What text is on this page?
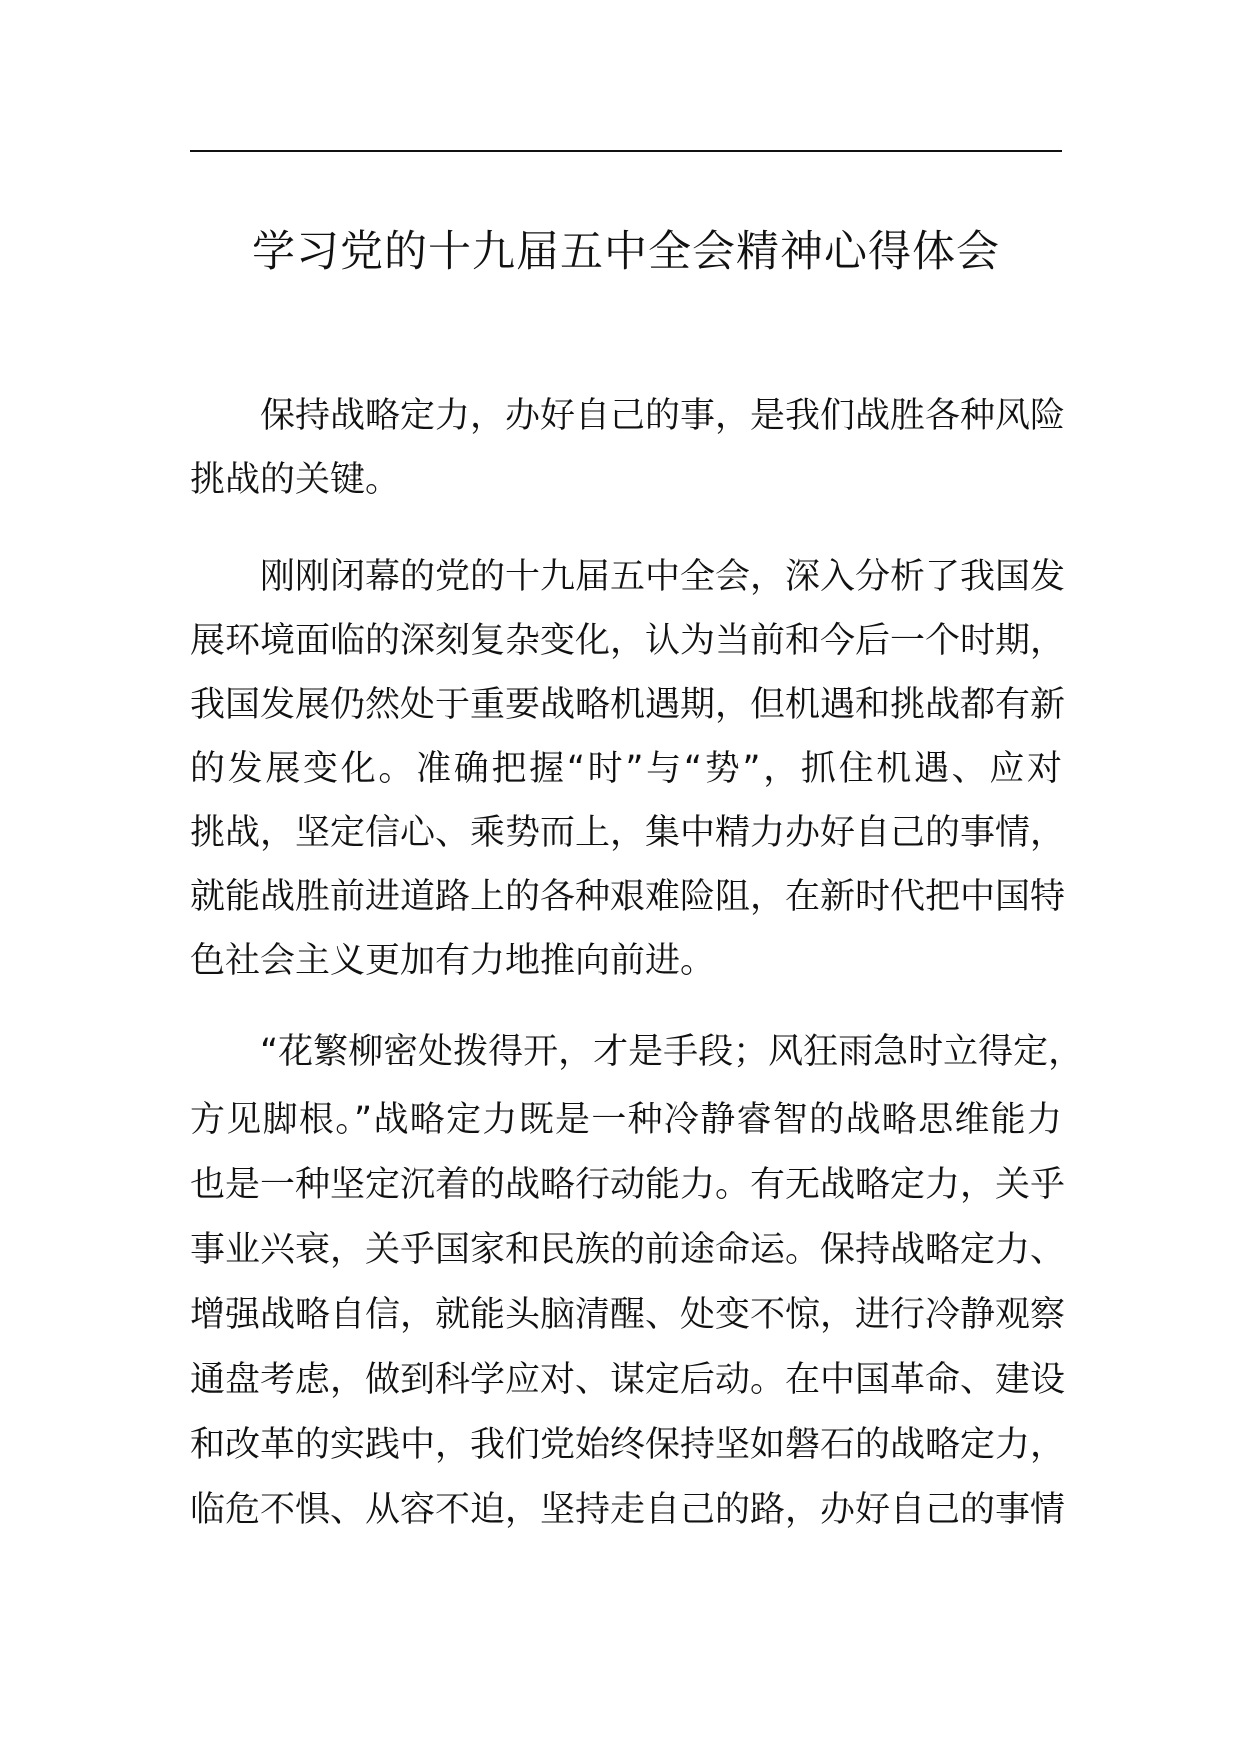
学习党的十九届五中全会精神心得体会
保持战略定力，办好自己的事，是我们战胜各种风险
挑战的关键。
刚刚闭幕的党的十九届五中全会，深入分析了我国发
展环境面临的深刻复杂变化，认为当前和今后一个时期，
我国发展仍然处于重要战略机遇期，但机遇和挑战都有新
的发展变化。准确把握“时”与“势”，抓住机遇、应对
挑战，坚定信心、乘势而上，集中精力办好自己的事情，
就能战胜前进道路上的各种艰难险阻，在新时代把中国特
色社会主义更加有力地推向前进。
“花繁柳密处拨得开，才是手段；风狂雨急时立得定，
方见脚根。”战略定力既是一种冷静睿智的战略思维能力
也是一种坚定沉着的战略行动能力。有无战略定力，关乎
事业兴衰，关乎国家和民族的前途命运。保持战略定力、
增强战略自信，就能头脑清醒、处变不惊，进行冷静观察
通盘考虑，做到科学应对、谋定后动。在中国革命、建设
和改革的实践中，我们党始终保持坚如磐石的战略定力，
临危不惧、从容不迫，坚持走自己的路，办好自己的事情
